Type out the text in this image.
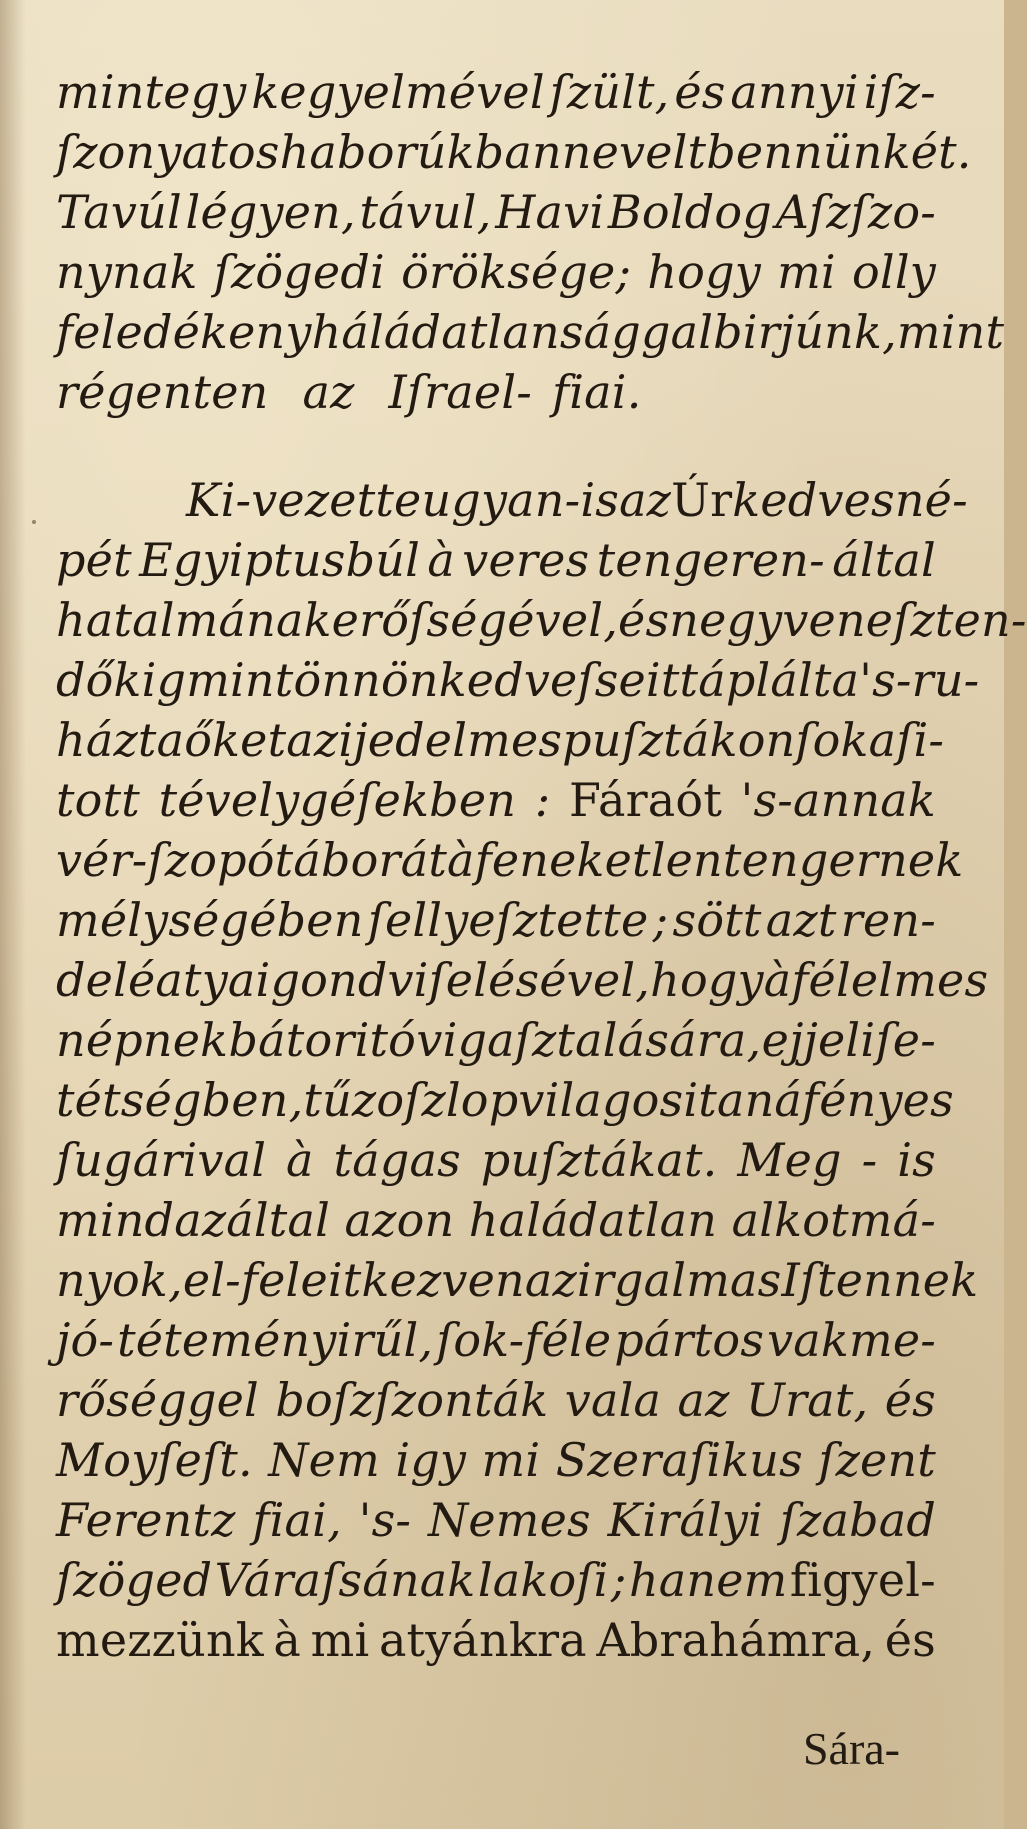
mintegy kegyelmével ſzült, és annyi iſz-
ſzonyatos haborúkban nevelt bennünkét.
Tavúl légyen, távul, Havi Boldog Aſzſzo-
nynak ſzögedi öröksége; hogy mi olly
feledékeny háládatlansággal birjúnk, mint
régenten az Iſrael- fiai.
Ki-vezette ugyan-is az Úr kedves né-
pét Egyiptusbúl à veres tengeren- által
hatalmának erőſségével, és negyven eſzten-
dőkig mint önnön kedveſseit táplálta 's-ru-
házta őket az ijedelmes puſztákon ſokaſi-
tott tévelygéſekben : Fáraót 's-annak
vér- ſzopó táborát à feneketlen tengernek
mélységében ſellyeſztette ; sött azt ren-
delé atyai gondviſelésével, hogy à félelmes
népnek bátoritó vigaſztalására, ejjeli ſe-
tétségben, tűz oſzlop vilagositaná fényes
ſugárival à tágas puſztákat. Meg - is
mindazáltal azon haládatlan alkotmá-
nyok, el-feleitkezven az irgalmas Iſtennek
jó- téteményirűl, ſok-féle pártos vakme-
rőséggel boſzſzonták vala az Urat, és
Moyſeſt. Nem igy mi Szeraſikus ſzent
Ferentz fiai, 's- Nemes Királyi ſzabad
ſzöged Váraſsának lakoſi ; hanem figyel-
mezzünk à mi atyánkra Abrahámra, és
Sára-
